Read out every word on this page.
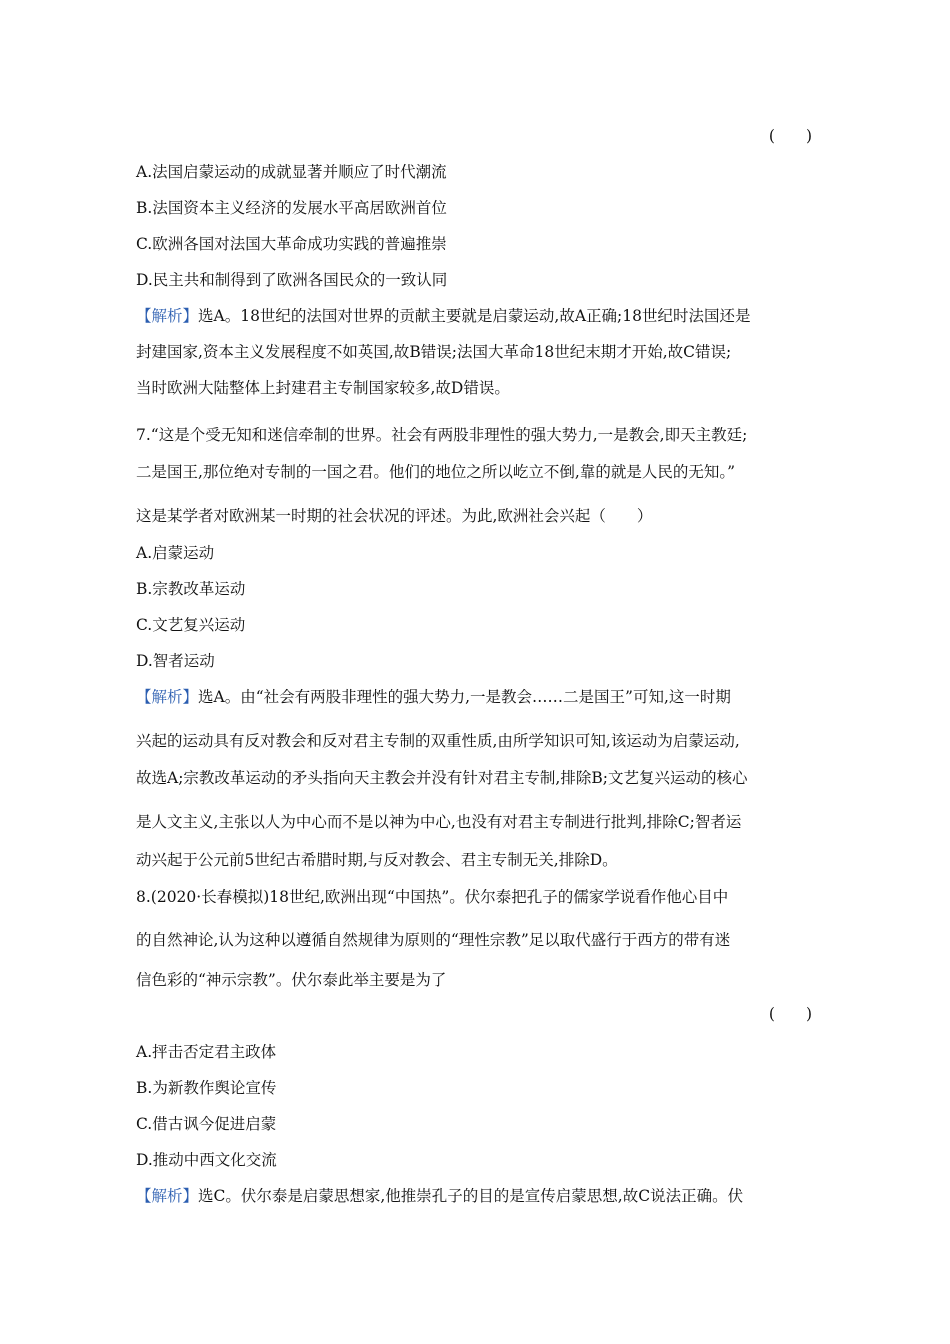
(　　)
A.法国启蒙运动的成就显著并顺应了时代潮流
B.法国资本主义经济的发展水平高居欧洲首位
C.欧洲各国对法国大革命成功实践的普遍推崇
D.民主共和制得到了欧洲各国民众的一致认同
【解析】选A。18世纪的法国对世界的贡献主要就是启蒙运动,故A正确;18世纪时法国还是
封建国家,资本主义发展程度不如英国,故B错误;法国大革命18世纪末期才开始,故C错误;
当时欧洲大陆整体上封建君主专制国家较多,故D错误。
7.“这是个受无知和迷信牵制的世界。社会有两股非理性的强大势力,一是教会,即天主教廷;
二是国王,那位绝对专制的一国之君。他们的地位之所以屹立不倒,靠的就是人民的无知。”
这是某学者对欧洲某一时期的社会状况的评述。为此,欧洲社会兴起（　　）
A.启蒙运动
B.宗教改革运动
C.文艺复兴运动
D.智者运动
【解析】选A。由“社会有两股非理性的强大势力,一是教会……二是国王”可知,这一时期
兴起的运动具有反对教会和反对君主专制的双重性质,由所学知识可知,该运动为启蒙运动,
故选A;宗教改革运动的矛头指向天主教会并没有针对君主专制,排除B;文艺复兴运动的核心
是人文主义,主张以人为中心而不是以神为中心,也没有对君主专制进行批判,排除C;智者运
动兴起于公元前5世纪古希腊时期,与反对教会、君主专制无关,排除D。
8.(2020·长春模拟)18世纪,欧洲出现“中国热”。伏尔泰把孔子的儒家学说看作他心目中
的自然神论,认为这种以遵循自然规律为原则的“理性宗教”足以取代盛行于西方的带有迷
信色彩的“神示宗教”。伏尔泰此举主要是为了
(　　)
A.抨击否定君主政体
B.为新教作舆论宣传
C.借古讽今促进启蒙
D.推动中西文化交流
【解析】选C。伏尔泰是启蒙思想家,他推崇孔子的目的是宣传启蒙思想,故C说法正确。伏
